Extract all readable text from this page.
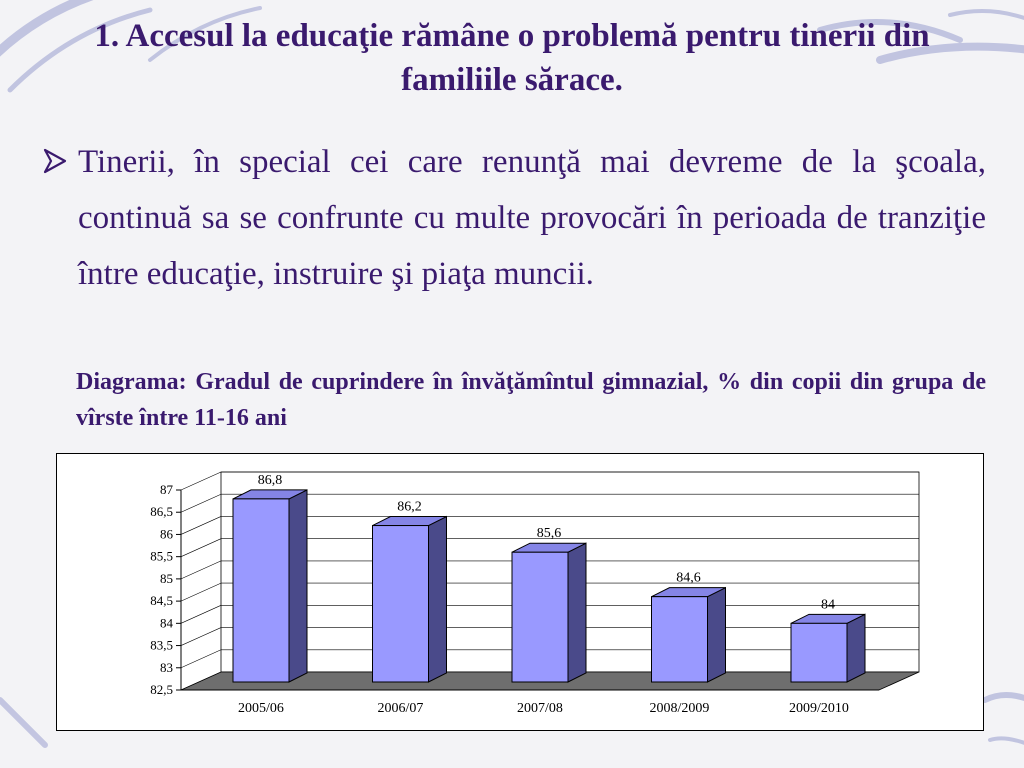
1. Accesul la educaţie rămâne o problemă pentru tinerii din familiile sărace.
Tinerii, în special cei care renunţă mai devreme de la şcoala, continuă sa se confrunte cu multe provocări în perioada de tranziţie între educaţie, instruire şi piaţa muncii.
Diagrama: Gradul de cuprindere în învăţămîntul gimnazial, % din copii din grupa de vîrste între 11-16 ani
82,5
83
83,5
84
84,5
85
85,5
86
86,5
87
86,8
2005/06
86,2
2006/07
85,6
2007/08
84,6
2008/2009
84
2009/2010
